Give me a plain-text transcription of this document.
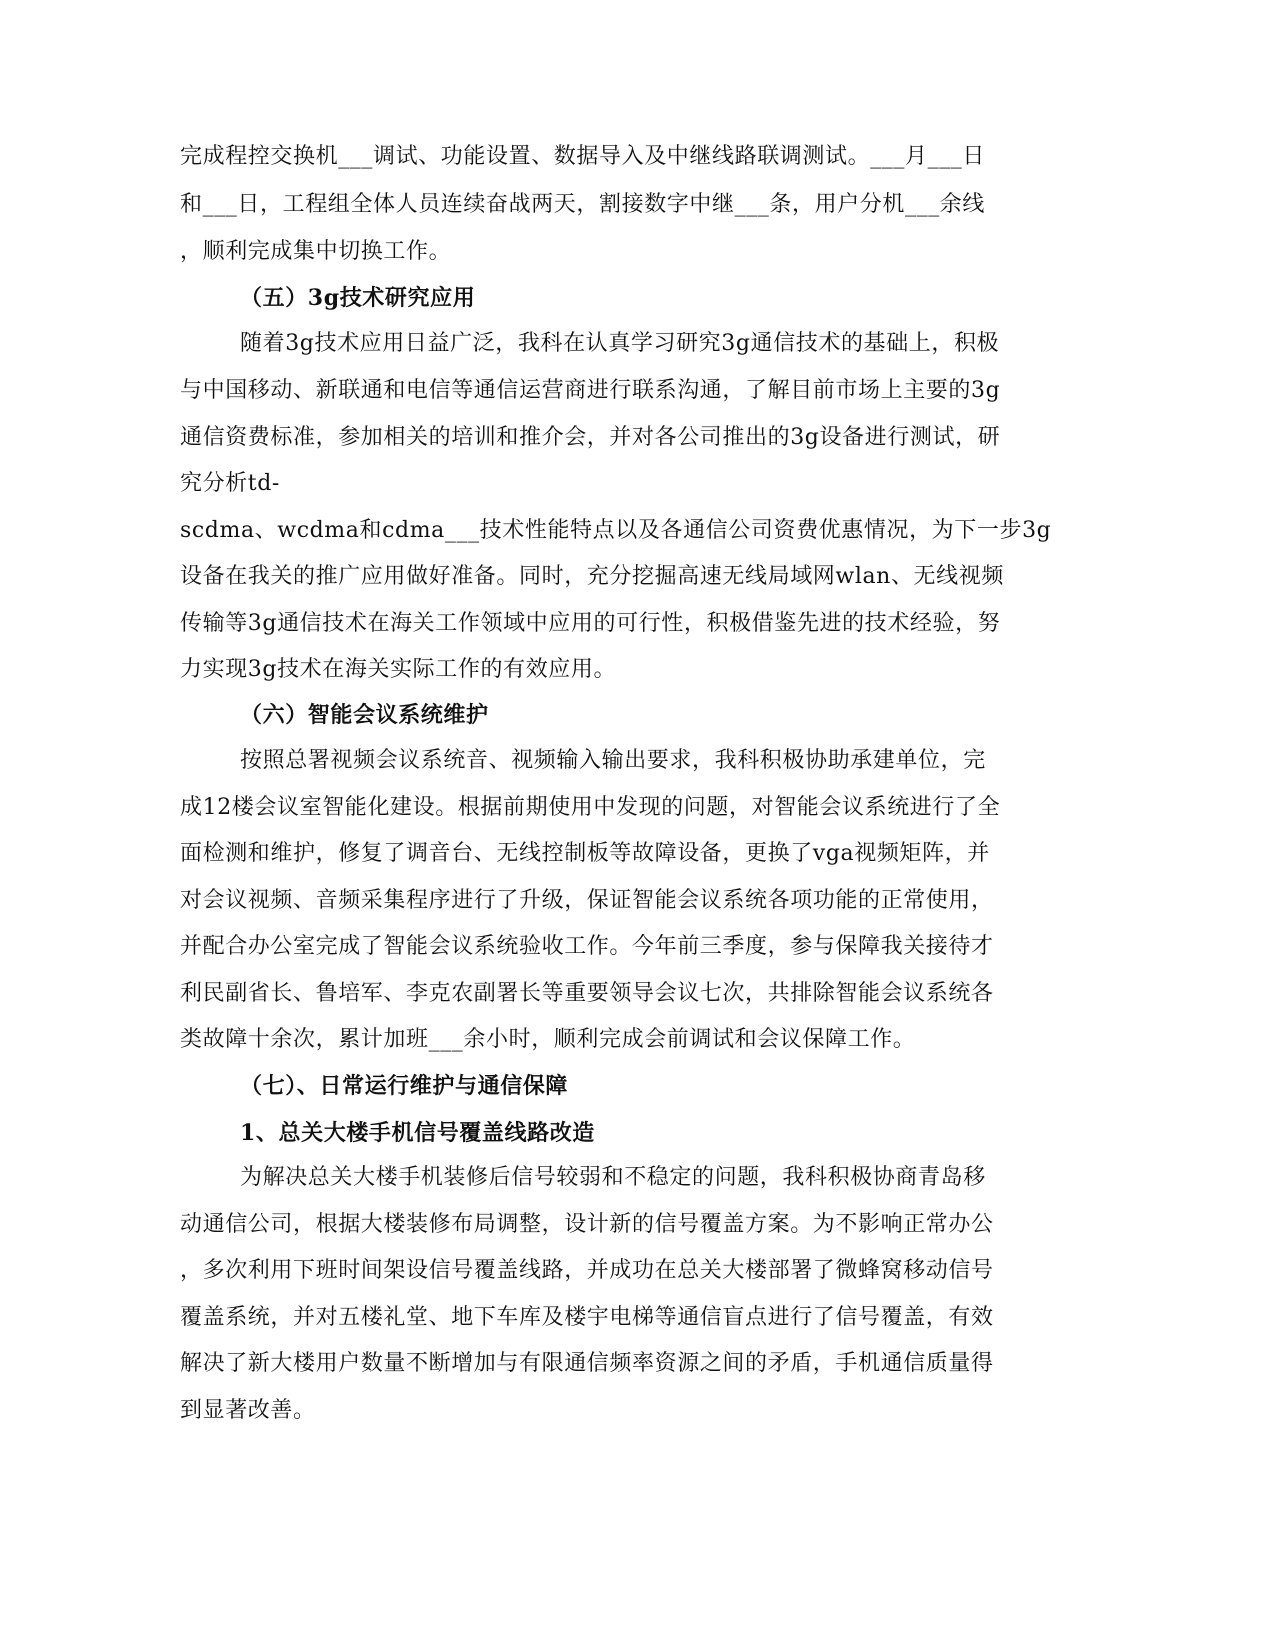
完成程控交换机___调试、功能设置、数据导入及中继线路联调测试。___月___日
和___日，工程组全体人员连续奋战两天，割接数字中继___条，用户分机___余线
，顺利完成集中切换工作。
（五）3g技术研究应用
随着3g技术应用日益广泛，我科在认真学习研究3g通信技术的基础上，积极
与中国移动、新联通和电信等通信运营商进行联系沟通，了解目前市场上主要的3g
通信资费标准，参加相关的培训和推介会，并对各公司推出的3g设备进行测试，研
究分析td-
scdma、wcdma和cdma___技术性能特点以及各通信公司资费优惠情况，为下一步3g
设备在我关的推广应用做好准备。同时，充分挖掘高速无线局域网wlan、无线视频
传输等3g通信技术在海关工作领域中应用的可行性，积极借鉴先进的技术经验，努
力实现3g技术在海关实际工作的有效应用。
（六）智能会议系统维护
按照总署视频会议系统音、视频输入输出要求，我科积极协助承建单位，完
成12楼会议室智能化建设。根据前期使用中发现的问题，对智能会议系统进行了全
面检测和维护，修复了调音台、无线控制板等故障设备，更换了vga视频矩阵，并
对会议视频、音频采集程序进行了升级，保证智能会议系统各项功能的正常使用，
并配合办公室完成了智能会议系统验收工作。今年前三季度，参与保障我关接待才
利民副省长、鲁培军、李克农副署长等重要领导会议七次，共排除智能会议系统各
类故障十余次，累计加班___余小时，顺利完成会前调试和会议保障工作。
（七）、日常运行维护与通信保障
1、总关大楼手机信号覆盖线路改造
为解决总关大楼手机装修后信号较弱和不稳定的问题，我科积极协商青岛移
动通信公司，根据大楼装修布局调整，设计新的信号覆盖方案。为不影响正常办公
，多次利用下班时间架设信号覆盖线路，并成功在总关大楼部署了微蜂窝移动信号
覆盖系统，并对五楼礼堂、地下车库及楼宇电梯等通信盲点进行了信号覆盖，有效
解决了新大楼用户数量不断增加与有限通信频率资源之间的矛盾，手机通信质量得
到显著改善。
